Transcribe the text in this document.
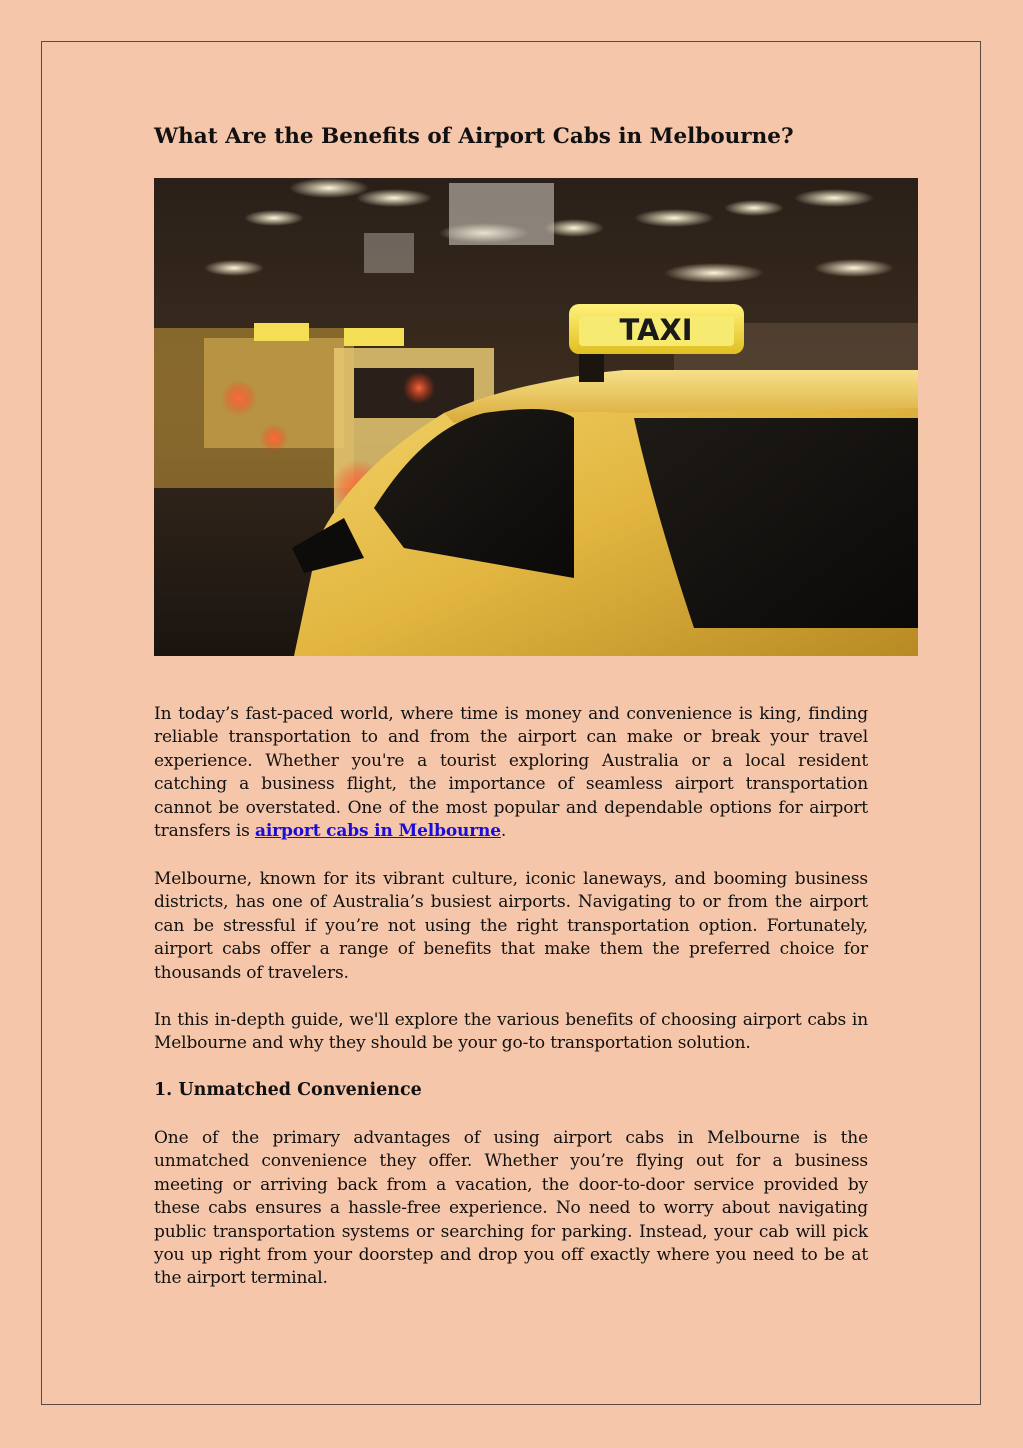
What Are the Benefits of Airport Cabs in Melbourne?
TAXI

In today’s fast-paced world, where time is money and convenience is king, finding reliable transportation to and from the airport can make or break your travel experience. Whether you're a tourist exploring Australia or a local resident catching a business flight, the importance of seamless airport transportation cannot be overstated. One of the most popular and dependable options for airport transfers is airport cabs in Melbourne.

Melbourne, known for its vibrant culture, iconic laneways, and booming business districts, has one of Australia’s busiest airports. Navigating to or from the airport can be stressful if you’re not using the right transportation option. Fortunately, airport cabs offer a range of benefits that make them the preferred choice for thousands of travelers.

In this in-depth guide, we'll explore the various benefits of choosing airport cabs in Melbourne and why they should be your go-to transportation solution.

1. Unmatched Convenience

One of the primary advantages of using airport cabs in Melbourne is the unmatched convenience they offer. Whether you’re flying out for a business meeting or arriving back from a vacation, the door-to-door service provided by these cabs ensures a hassle-free experience. No need to worry about navigating public transportation systems or searching for parking. Instead, your cab will pick you up right from your doorstep and drop you off exactly where you need to be at the airport terminal.
